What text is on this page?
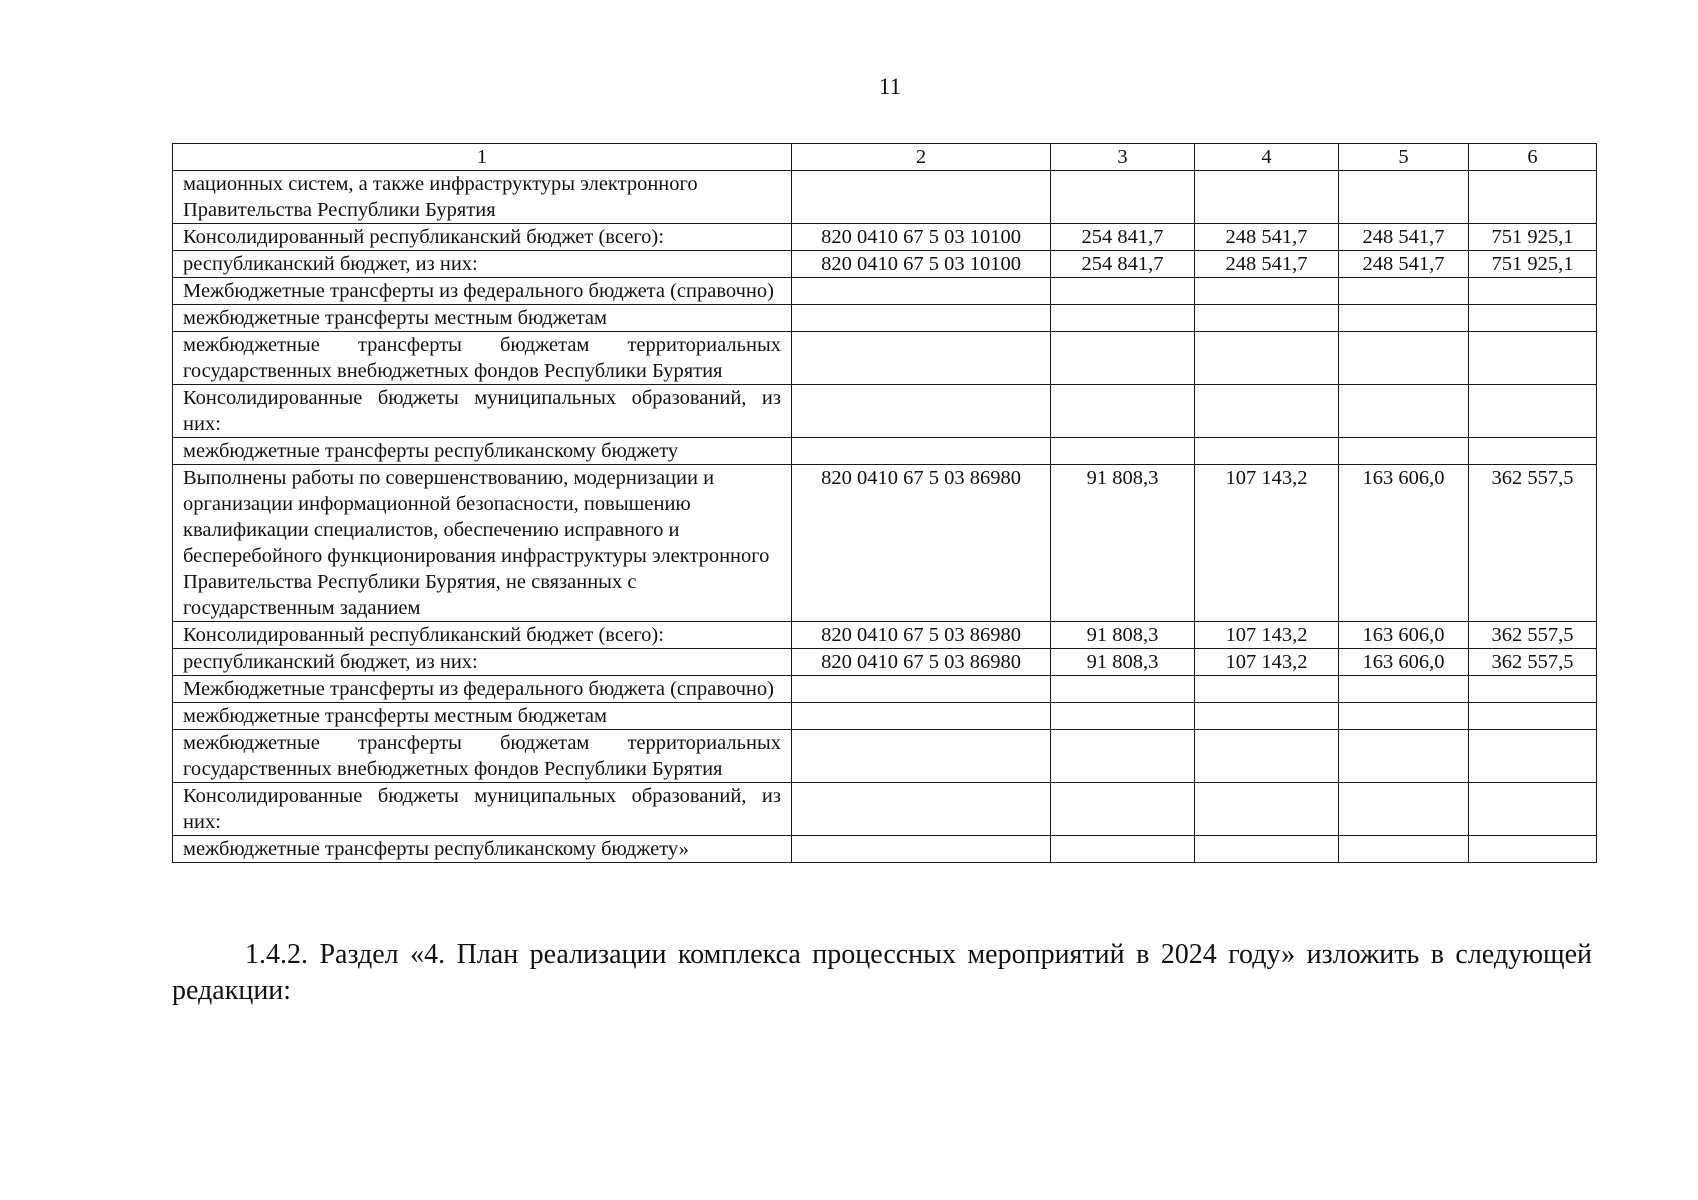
11
1	2	3	4	5	6
мационных систем, а также инфраструктуры электронного Правительства Республики Бурятия					
Консолидированный республиканский бюджет (всего):	820 0410 67 5 03 10100	254 841,7	248 541,7	248 541,7	751 925,1
республиканский бюджет, из них:	820 0410 67 5 03 10100	254 841,7	248 541,7	248 541,7	751 925,1
Межбюджетные трансферты из федерального бюджета (справочно)					
межбюджетные трансферты местным бюджетам					
межбюджетные трансферты бюджетам территориальных государственных внебюджетных фондов Республики Бурятия					
Консолидированные бюджеты муниципальных образований, из них:					
межбюджетные трансферты республиканскому бюджету					
Выполнены работы по совершенствованию, модернизации и организации информационной безопасности, повышению квалификации специалистов, обеспечению исправного и бесперебойного функционирования инфраструктуры электронного Правительства Республики Бурятия, не связанных с государственным заданием	820 0410 67 5 03 86980	91 808,3	107 143,2	163 606,0	362 557,5
Консолидированный республиканский бюджет (всего):	820 0410 67 5 03 86980	91 808,3	107 143,2	163 606,0	362 557,5
республиканский бюджет, из них:	820 0410 67 5 03 86980	91 808,3	107 143,2	163 606,0	362 557,5
Межбюджетные трансферты из федерального бюджета (справочно)					
межбюджетные трансферты местным бюджетам					
межбюджетные трансферты бюджетам территориальных государственных внебюджетных фондов Республики Бурятия					
Консолидированные бюджеты муниципальных образований, из них:					
межбюджетные трансферты республиканскому бюджету»					
1.4.2. Раздел «4. План реализации комплекса процессных мероприятий в 2024 году» изложить в следующей редакции:
